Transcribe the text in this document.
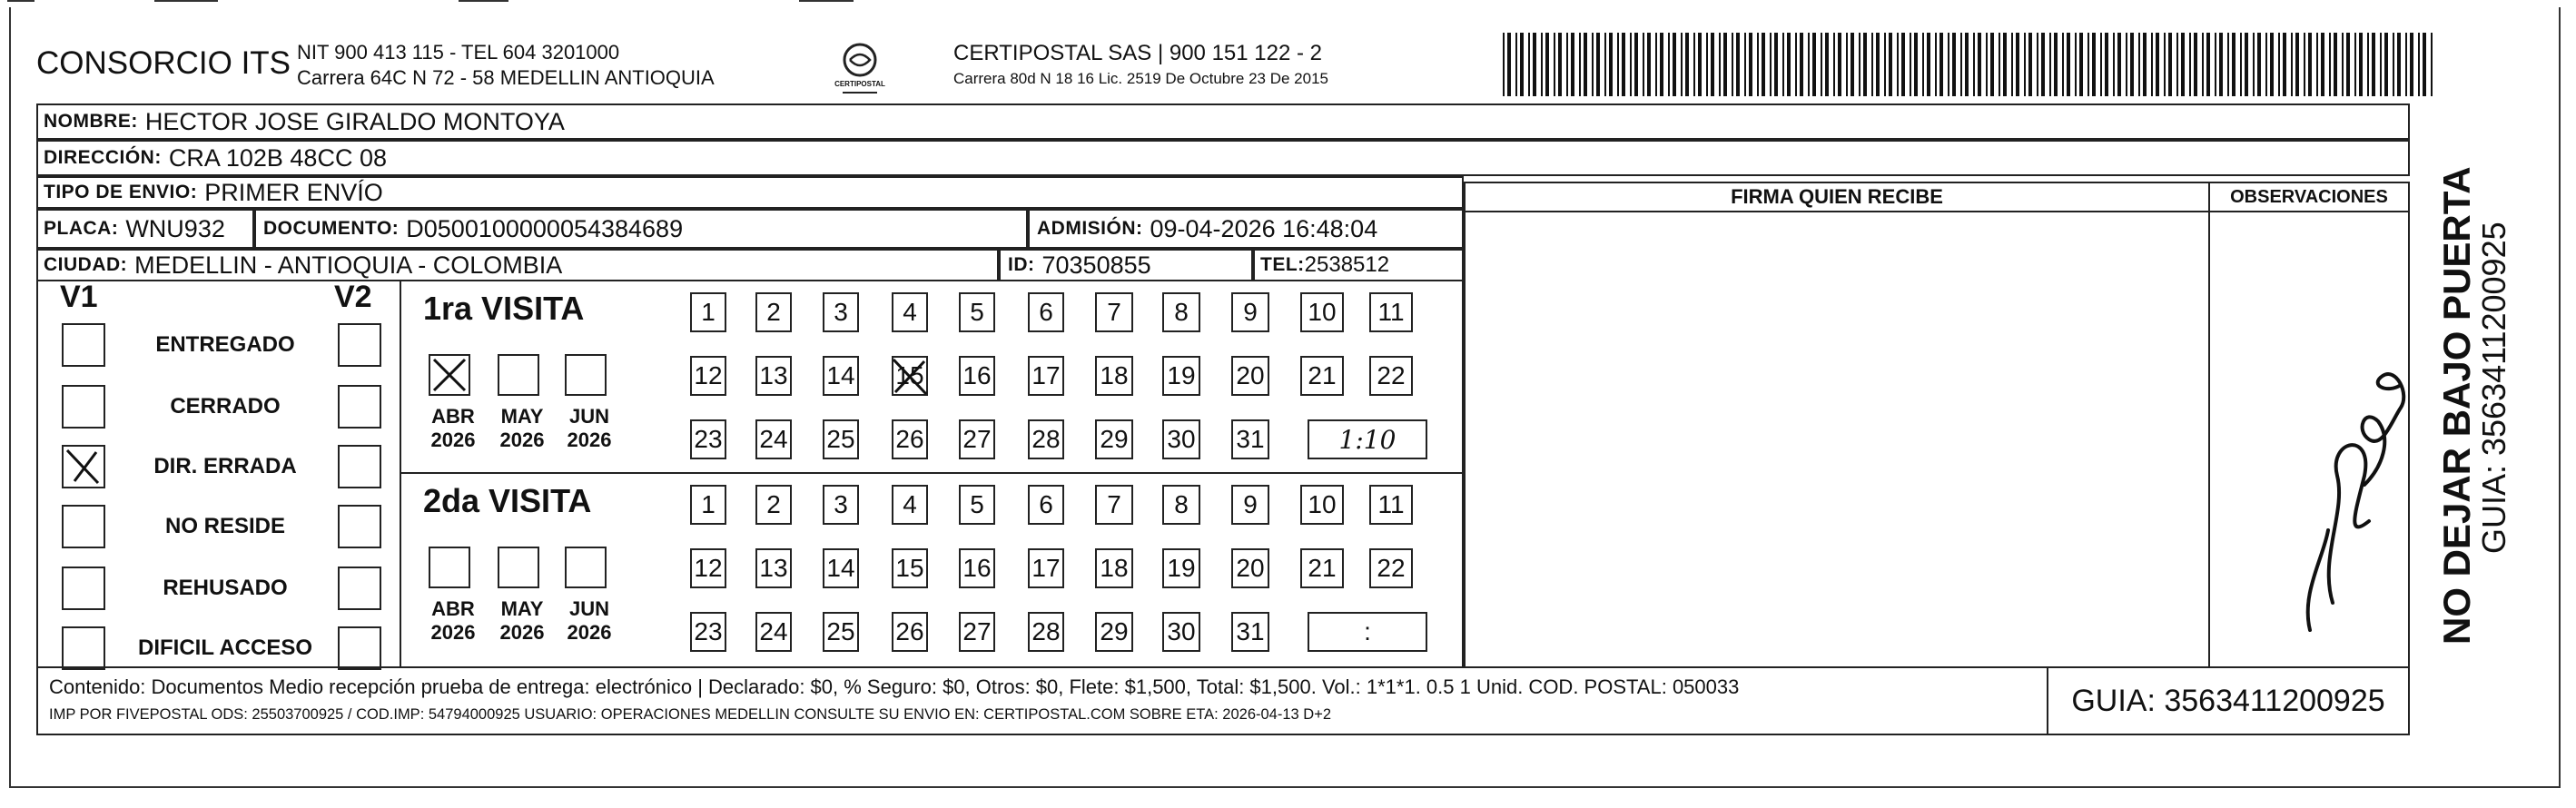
CONSORCIO ITS NIT 900 413 115 - TEL 604 3201000
Carrera 64C N 72 - 58 MEDELLIN ANTIOQUIA	CERTIPOSTAL
CERTIPOSTAL SAS | 900 151 122 - 2
Carrera 80d N 18 16 Lic. 2519 De Octubre 23 De 2015
NOMBRE: HECTOR JOSE GIRALDO MONTOYA
DIRECCIÓN: CRA 102B 48CC 08
TIPO DE ENVIO: PRIMER ENVÍO
PLACA: WNU932 DOCUMENTO: D0500100000054384689	ADMISIÓN: 09-04-2026 16:48:04
CIUDAD: MEDELLIN - ANTIOQUIA - COLOMBIA	ID: 70350855	TEL: 2538512
FIRMA QUIEN RECIBE	OBSERVACIONES
V1	V2
ENTREGADO
CERRADO
DIR. ERRADA
NO RESIDE
REHUSADO
DIFICIL ACCESO
1ra VISITA
ABR
2026
MAY
2026
JUN
2026
1	2	3	4	5	6	7	8	9	10	11
12 13 14 15 16 17 18 19 20	21	22
23 24 25 26 27 28 29 30 31	1:10
2da VISITA
ABR
2026
MAY
2026
JUN
2026
1	2	3	4	5	6	7	8	9	10	11
12 13 14 15 16 17 18 19 20	21	22
23 24 25 26 27 28 29 30 31	:
Contenido: Documentos Medio recepción prueba de entrega: electrónico | Declarado: $0, % Seguro: $0, Otros: $0, Flete: $1,500, Total: $1,500. Vol.: 1*1*1. 0.5 1 Unid. COD. POSTAL: 050033
IMP POR FIVEPOSTAL ODS: 25503700925 / COD.IMP: 54794000925 USUARIO: OPERACIONES MEDELLIN CONSULTE SU ENVIO EN: CERTIPOSTAL.COM SOBRE ETA: 2026-04-13 D+2	GUIA: 3563411200925
NO DEJAR BAJO PUERTA
GUIA: 3563411200925
